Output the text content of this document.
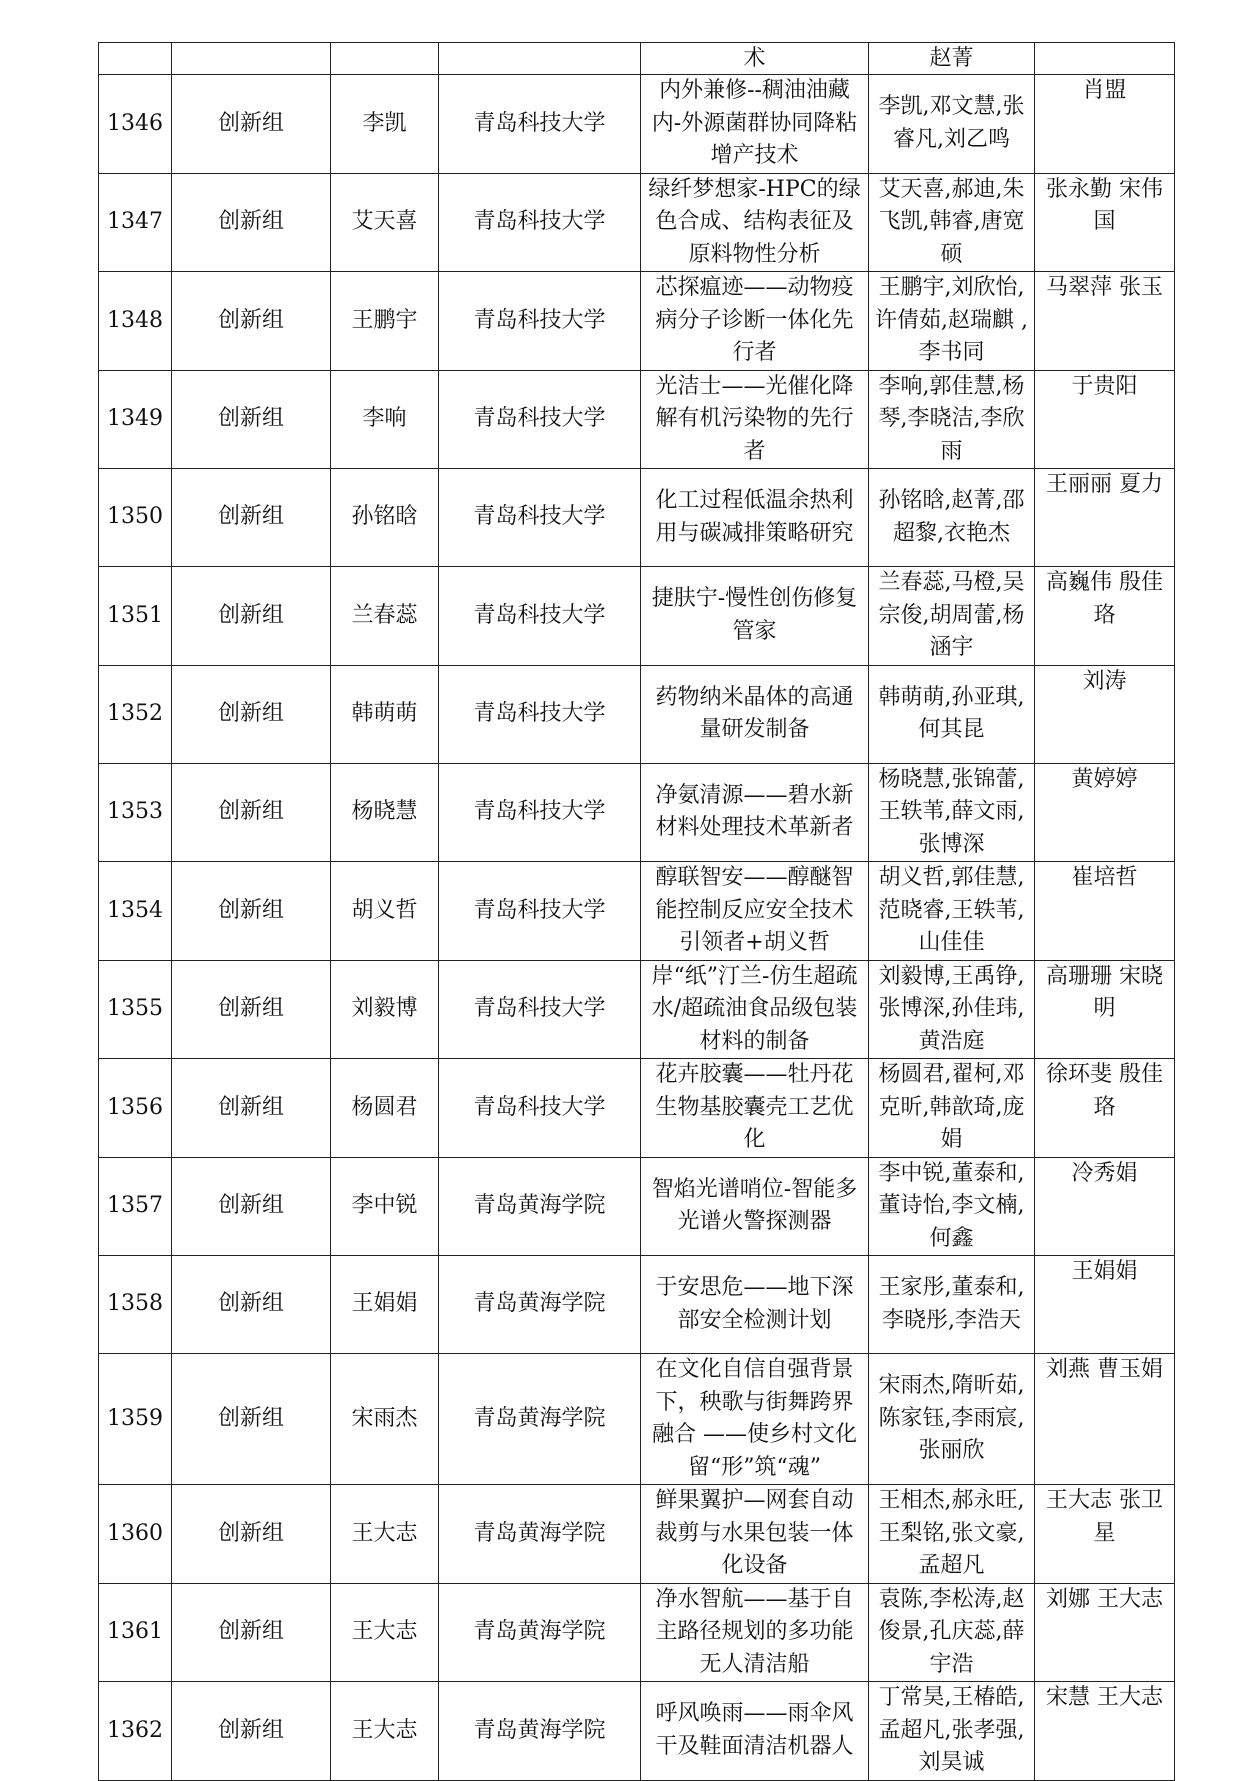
				术	赵菁	
1346	创新组	李凯	青岛科技大学	内外兼修--稠油油藏内-外源菌群协同降粘增产技术	李凯,邓文慧,张睿凡,刘乙鸣	肖盟
1347	创新组	艾天喜	青岛科技大学	绿纤梦想家-HPC的绿色合成、结构表征及原料物性分析	艾天喜,郝迪,朱飞凯,韩睿,唐宽硕	张永勤 宋伟国
1348	创新组	王鹏宇	青岛科技大学	芯探瘟迹——动物疫病分子诊断一体化先行者	王鹏宇,刘欣怡,许倩茹,赵瑞麒 ,李书同	马翠萍 张玉
1349	创新组	李响	青岛科技大学	光洁士——光催化降解有机污染物的先行者	李响,郭佳慧,杨琴,李晓洁,李欣雨	于贵阳
1350	创新组	孙铭晗	青岛科技大学	化工过程低温余热利用与碳减排策略研究	孙铭晗,赵菁,邵超黎,衣艳杰	王丽丽 夏力
1351	创新组	兰春蕊	青岛科技大学	捷肤宁-慢性创伤修复管家	兰春蕊,马橙,吴宗俊,胡周蕾,杨涵宇	高巍伟 殷佳珞
1352	创新组	韩萌萌	青岛科技大学	药物纳米晶体的高通量研发制备	韩萌萌,孙亚琪,何其昆	刘涛
1353	创新组	杨晓慧	青岛科技大学	净氨清源——碧水新材料处理技术革新者	杨晓慧,张锦蕾,王轶苇,薛文雨,张博深	黄婷婷
1354	创新组	胡义哲	青岛科技大学	醇联智安——醇醚智能控制反应安全技术引领者+胡义哲	胡义哲,郭佳慧,范晓睿,王轶苇,山佳佳	崔培哲
1355	创新组	刘毅博	青岛科技大学	岸“纸”汀兰-仿生超疏水/超疏油食品级包装材料的制备	刘毅博,王禹铮,张博深,孙佳玮,黄浩庭	高珊珊 宋晓明
1356	创新组	杨圆君	青岛科技大学	花卉胶囊——牡丹花生物基胶囊壳工艺优化	杨圆君,翟柯,邓克昕,韩歆琦,庞娟	徐环斐 殷佳珞
1357	创新组	李中锐	青岛黄海学院	智焰光谱哨位-智能多光谱火警探测器	李中锐,董泰和,董诗怡,李文楠,何鑫	冷秀娟
1358	创新组	王娟娟	青岛黄海学院	于安思危——地下深部安全检测计划	王家彤,董泰和,李晓彤,李浩天	王娟娟
1359	创新组	宋雨杰	青岛黄海学院	在文化自信自强背景下，秧歌与街舞跨界融合 ——使乡村文化留“形”筑“魂”	宋雨杰,隋昕茹,陈家钰,李雨宸,张丽欣	刘燕 曹玉娟
1360	创新组	王大志	青岛黄海学院	鲜果翼护—网套自动裁剪与水果包装一体化设备	王相杰,郝永旺,王梨铭,张文豪,孟超凡	王大志 张卫星
1361	创新组	王大志	青岛黄海学院	净水智航——基于自主路径规划的多功能无人清洁船	袁陈,李松涛,赵俊景,孔庆蕊,薛宇浩	刘娜 王大志
1362	创新组	王大志	青岛黄海学院	呼风唤雨——雨伞风干及鞋面清洁机器人	丁常昊,王椿皓,孟超凡,张孝强,刘昊诚	宋慧 王大志
